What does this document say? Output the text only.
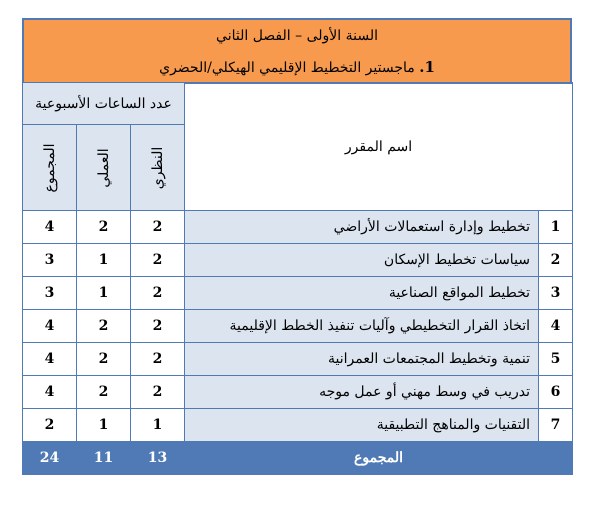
السنة الأولى – الفصل الثاني
1. ماجستير التخطيط الإقليمي الهيكلي/الحضري
عدد الساعات الأسبوعية			اسم المقرر	

المجموع	العملي	النظري		

4	2	2	تخطيط وإدارة استعمالات الأراضي	1
3	1	2	سياسات تخطيط الإسكان	2
3	1	2	تخطيط المواقع الصناعية	3
4	2	2	اتخاذ القرار التخطيطي وآليات تنفيذ الخطط الإقليمية	4
4	2	2	تنمية وتخطيط المجتمعات العمرانية	5
4	2	2	تدريب في وسط مهني أو عمل موجه	6
2	1	1	التقنيات والمناهج التطبيقية	7
24	11	13	المجموع	
